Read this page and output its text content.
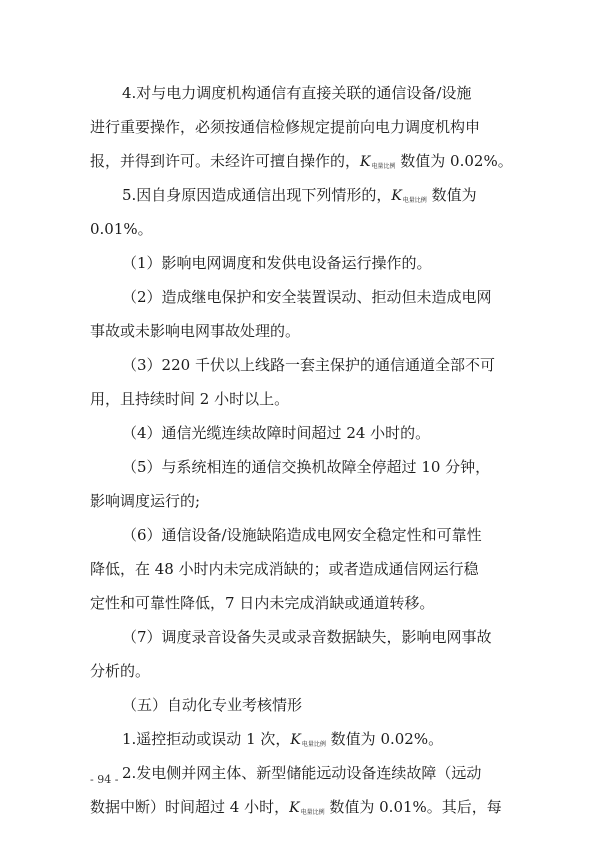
4.对与电力调度机构通信有直接关联的通信设备/设施
进行重要操作，必须按通信检修规定提前向电力调度机构申
报，并得到许可。未经许可擅自操作的，$K_{电量比例}$ 数值为 0.02%。
5.因自身原因造成通信出现下列情形的，$K_{电量比例}$ 数值为
0.01%。
（1）影响电网调度和发供电设备运行操作的。
（2）造成继电保护和安全装置误动、拒动但未造成电网
事故或未影响电网事故处理的。
（3）220 千伏以上线路一套主保护的通信通道全部不可
用，且持续时间 2 小时以上。
（4）通信光缆连续故障时间超过 24 小时的。
（5）与系统相连的通信交换机故障全停超过 10 分钟，
影响调度运行的;
（6）通信设备/设施缺陷造成电网安全稳定性和可靠性
降低，在 48 小时内未完成消缺的；或者造成通信网运行稳
定性和可靠性降低，7 日内未完成消缺或通道转移。
（7）调度录音设备失灵或录音数据缺失，影响电网事故
分析的。
（五）自动化专业考核情形
1.遥控拒动或误动 1 次，$K_{电量比例}$ 数值为 0.02%。
2.发电侧并网主体、新型储能远动设备连续故障（远动
数据中断）时间超过 4 小时，$K_{电量比例}$ 数值为 0.01%。其后，每
- 94 -
